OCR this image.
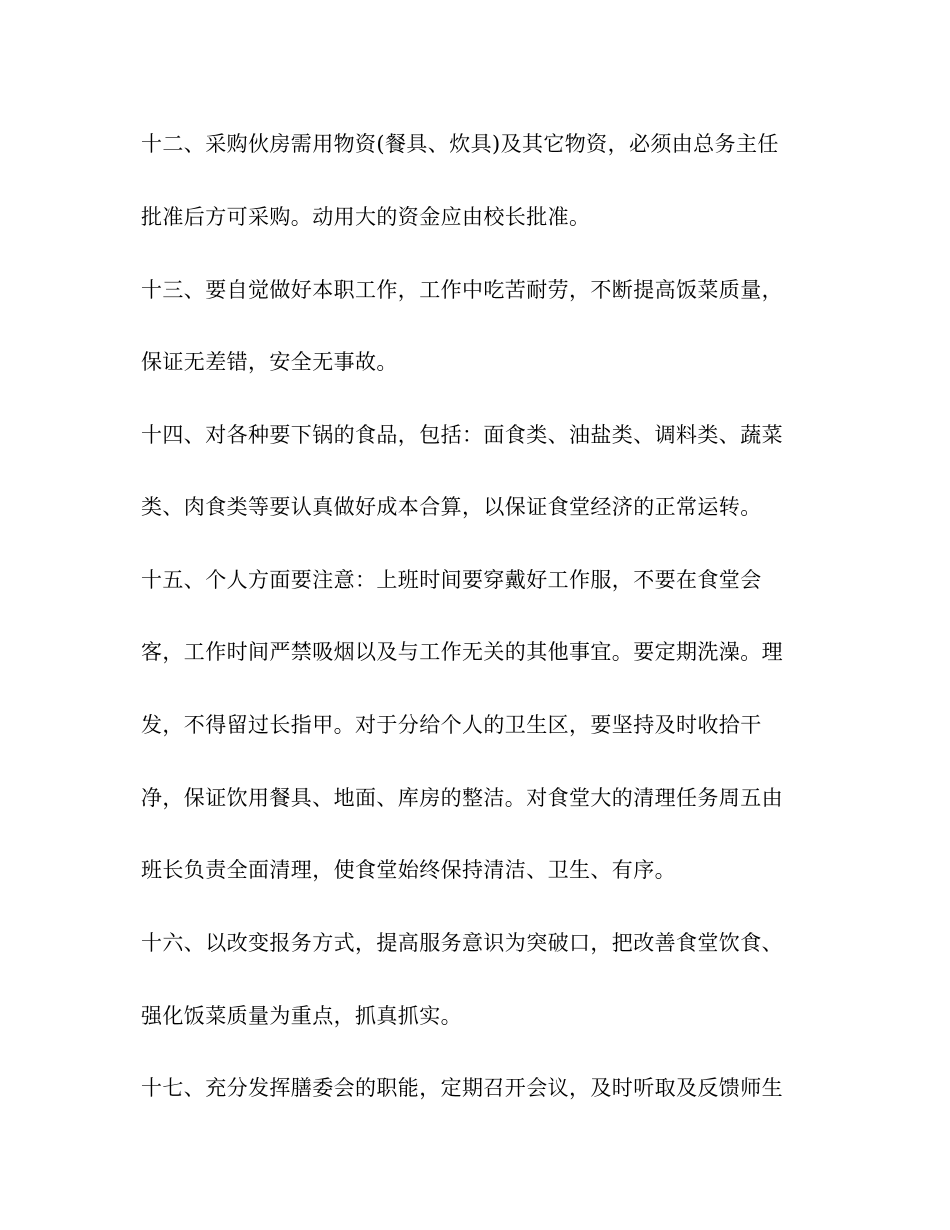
十二、采购伙房需用物资(餐具、炊具)及其它物资，必须由总务主任
批准后方可采购。动用大的资金应由校长批准。
十三、要自觉做好本职工作，工作中吃苦耐劳，不断提高饭菜质量，
保证无差错，安全无事故。
十四、对各种要下锅的食品，包括：面食类、油盐类、调料类、蔬菜
类、肉食类等要认真做好成本合算，以保证食堂经济的正常运转。
十五、个人方面要注意：上班时间要穿戴好工作服，不要在食堂会
客，工作时间严禁吸烟以及与工作无关的其他事宜。要定期洗澡。理
发，不得留过长指甲。对于分给个人的卫生区，要坚持及时收拾干
净，保证饮用餐具、地面、库房的整洁。对食堂大的清理任务周五由
班长负责全面清理，使食堂始终保持清洁、卫生、有序。
十六、以改变报务方式，提高服务意识为突破口，把改善食堂饮食、
强化饭菜质量为重点，抓真抓实。
十七、充分发挥膳委会的职能，定期召开会议，及时听取及反馈师生
